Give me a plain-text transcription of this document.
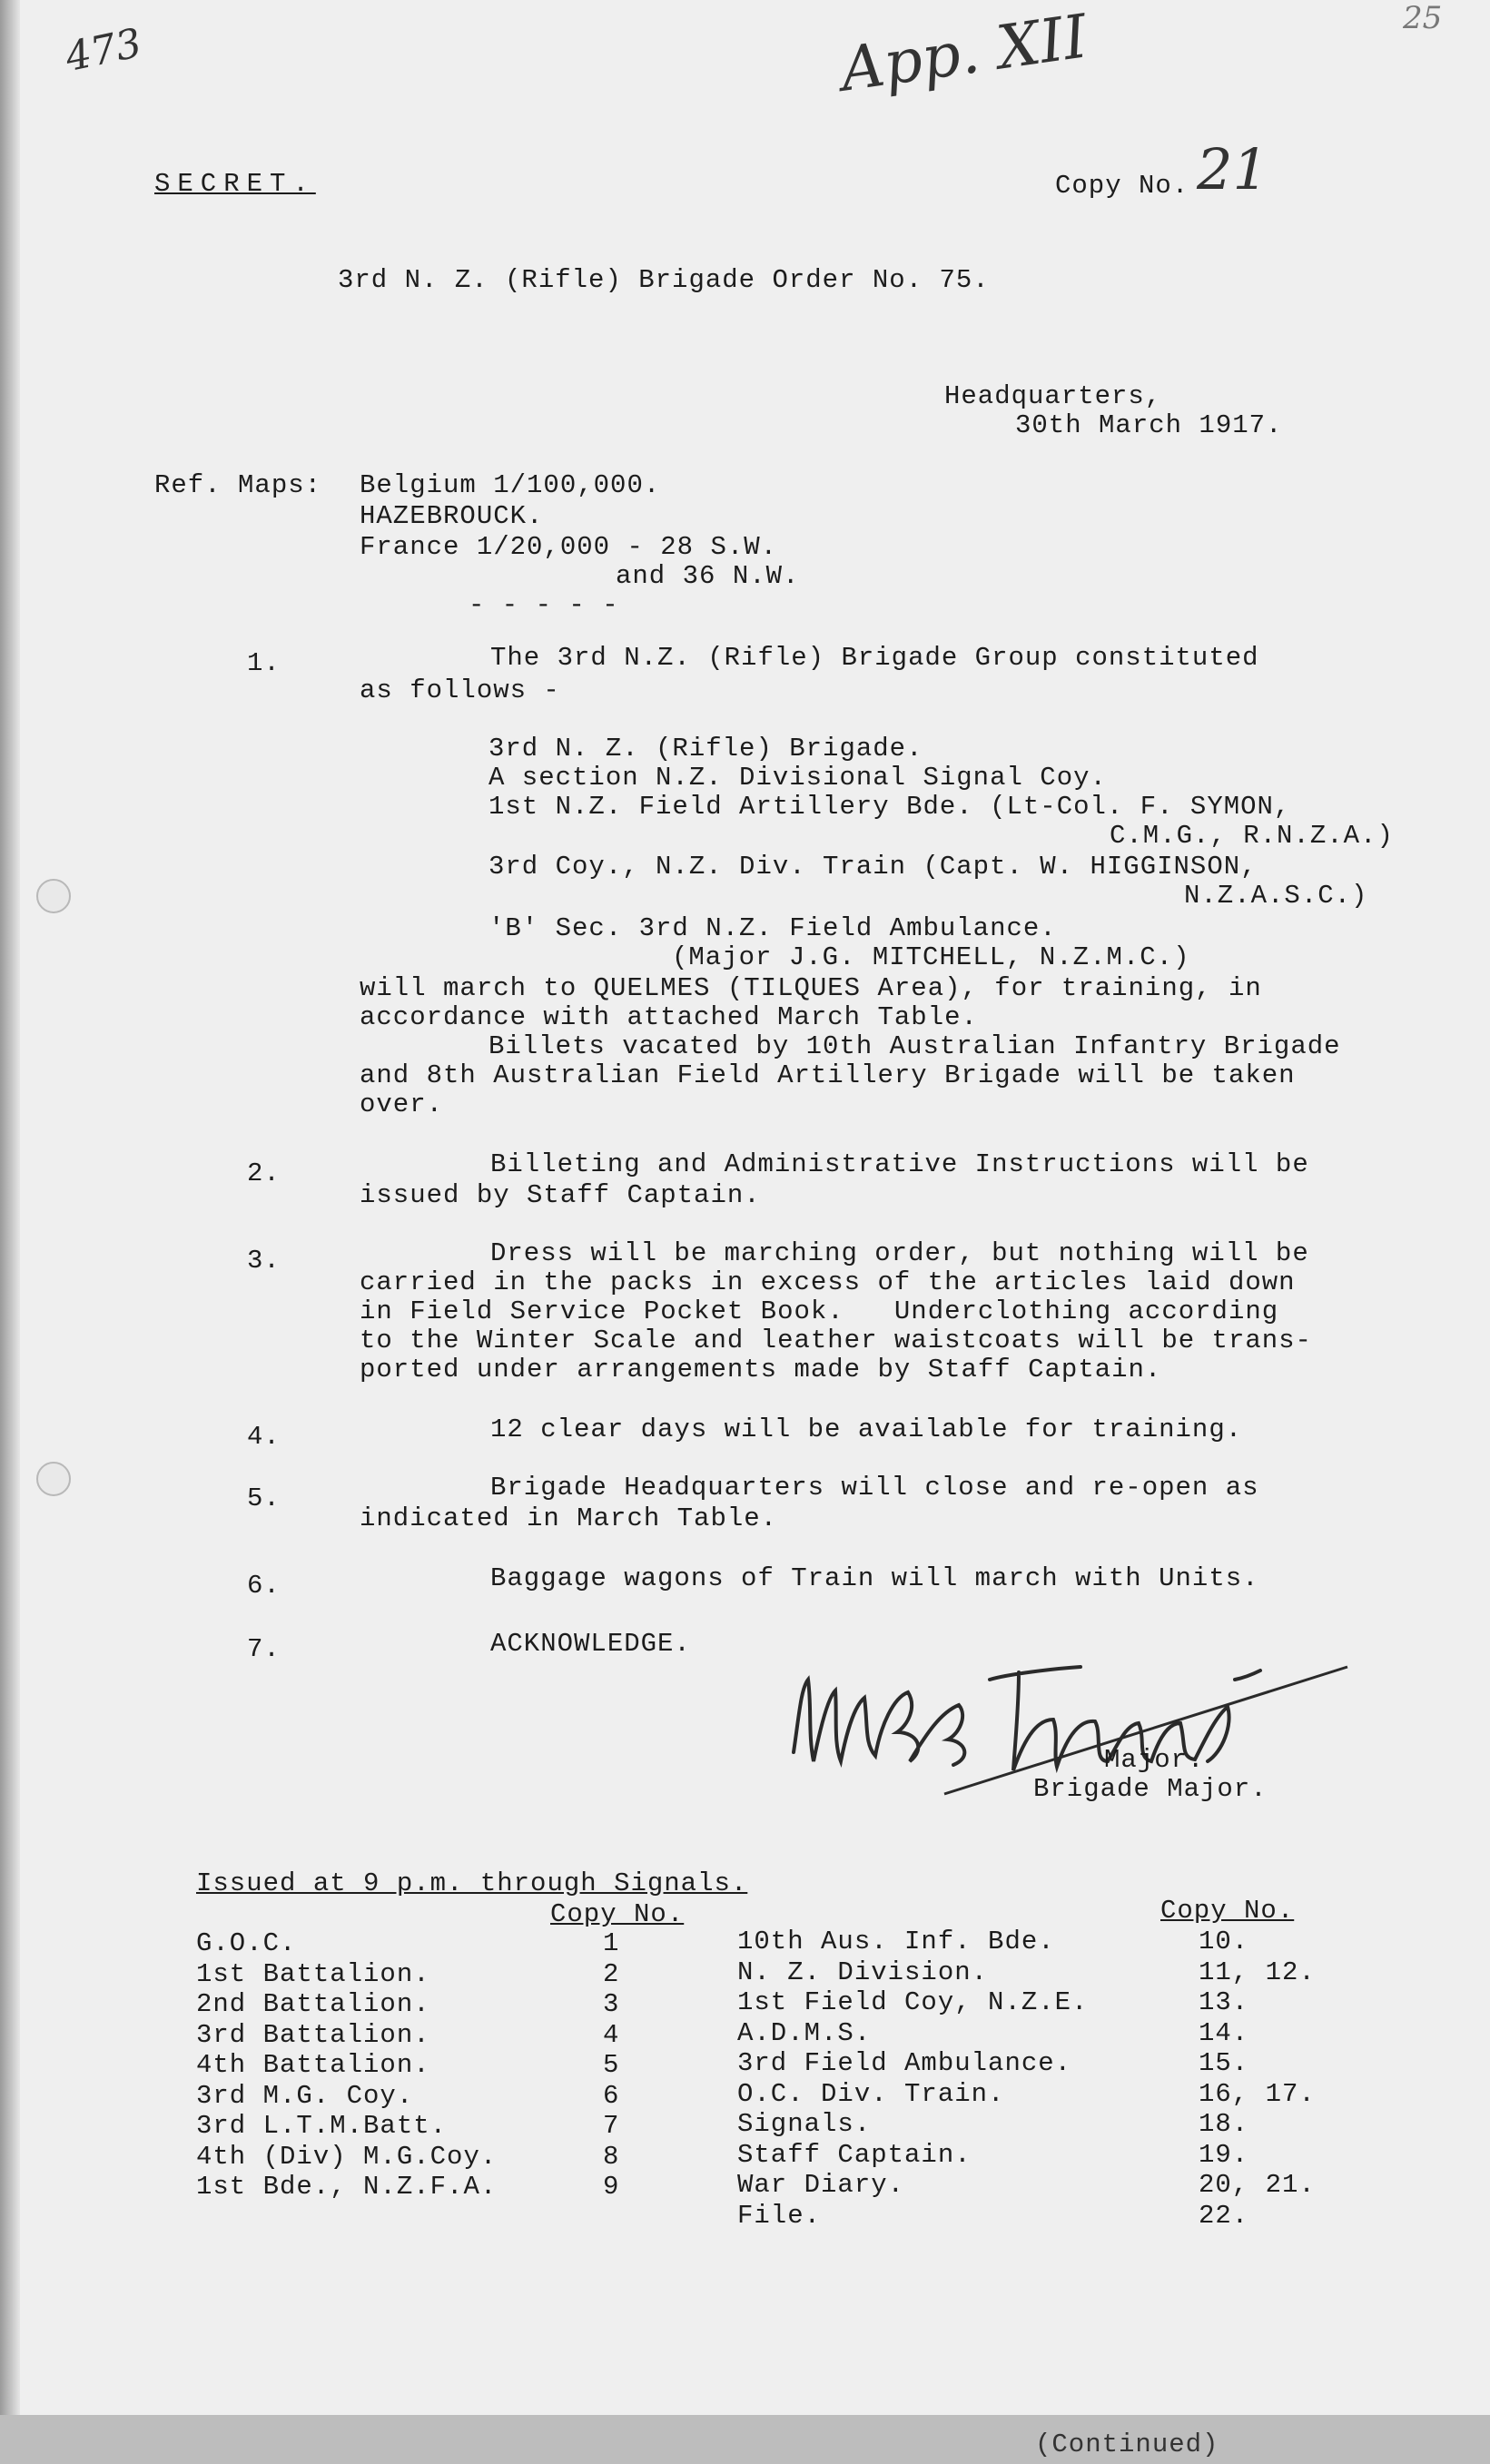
473	App. XII	25
SECRET.	Copy No. 21
3rd N. Z. (Rifle) Brigade Order No. 75.
Headquarters,
30th March 1917.
Ref. Maps: Belgium 1/100,000.
HAZEBROUCK.
France 1/20,000 - 28 S.W.
and 36 N.W.
- - - - -
1.	The 3rd N.Z. (Rifle) Brigade Group constituted
as follows -
3rd N. Z. (Rifle) Brigade.
A section N.Z. Divisional Signal Coy.
1st N.Z. Field Artillery Bde. (Lt-Col. F. SYMON,
C.M.G., R.N.Z.A.)
3rd Coy., N.Z. Div. Train (Capt. W. HIGGINSON,
N.Z.A.S.C.)
'B' Sec. 3rd N.Z. Field Ambulance.
(Major J.G. MITCHELL, N.Z.M.C.)
will march to QUELMES (TILQUES Area), for training, in
accordance with attached March Table.
Billets vacated by 10th Australian Infantry Brigade
and 8th Australian Field Artillery Brigade will be taken
over.
2.	Billeting and Administrative Instructions will be
issued by Staff Captain.
3.	Dress will be marching order, but nothing will be
carried in the packs in excess of the articles laid down
in Field Service Pocket Book.   Underclothing according
to the Winter Scale and leather waistcoats will be trans-
ported under arrangements made by Staff Captain.
4.	12 clear days will be available for training.
5.	Brigade Headquarters will close and re-open as
indicated in March Table.
6.	Baggage wagons of Train will march with Units.
7.	ACKNOWLEDGE.
Major.
Brigade Major.
Issued at 9 p.m. through Signals.
Copy No.	Copy No.
(Continued)
G.O.C.	1
1st Battalion.	2
2nd Battalion.	3
3rd Battalion.	4
4th Battalion.	5
3rd M.G. Coy.	6
3rd L.T.M.Batt.	7
4th (Div) M.G.Coy.	8
1st Bde., N.Z.F.A.	9
10th Aus. Inf. Bde.	10.
N. Z. Division.	11, 12.
1st Field Coy, N.Z.E.	13.
A.D.M.S.	14.
3rd Field Ambulance.	15.
O.C. Div. Train.	16, 17.
Signals.	18.
Staff Captain.	19.
War Diary.	20, 21.
File.	22.
